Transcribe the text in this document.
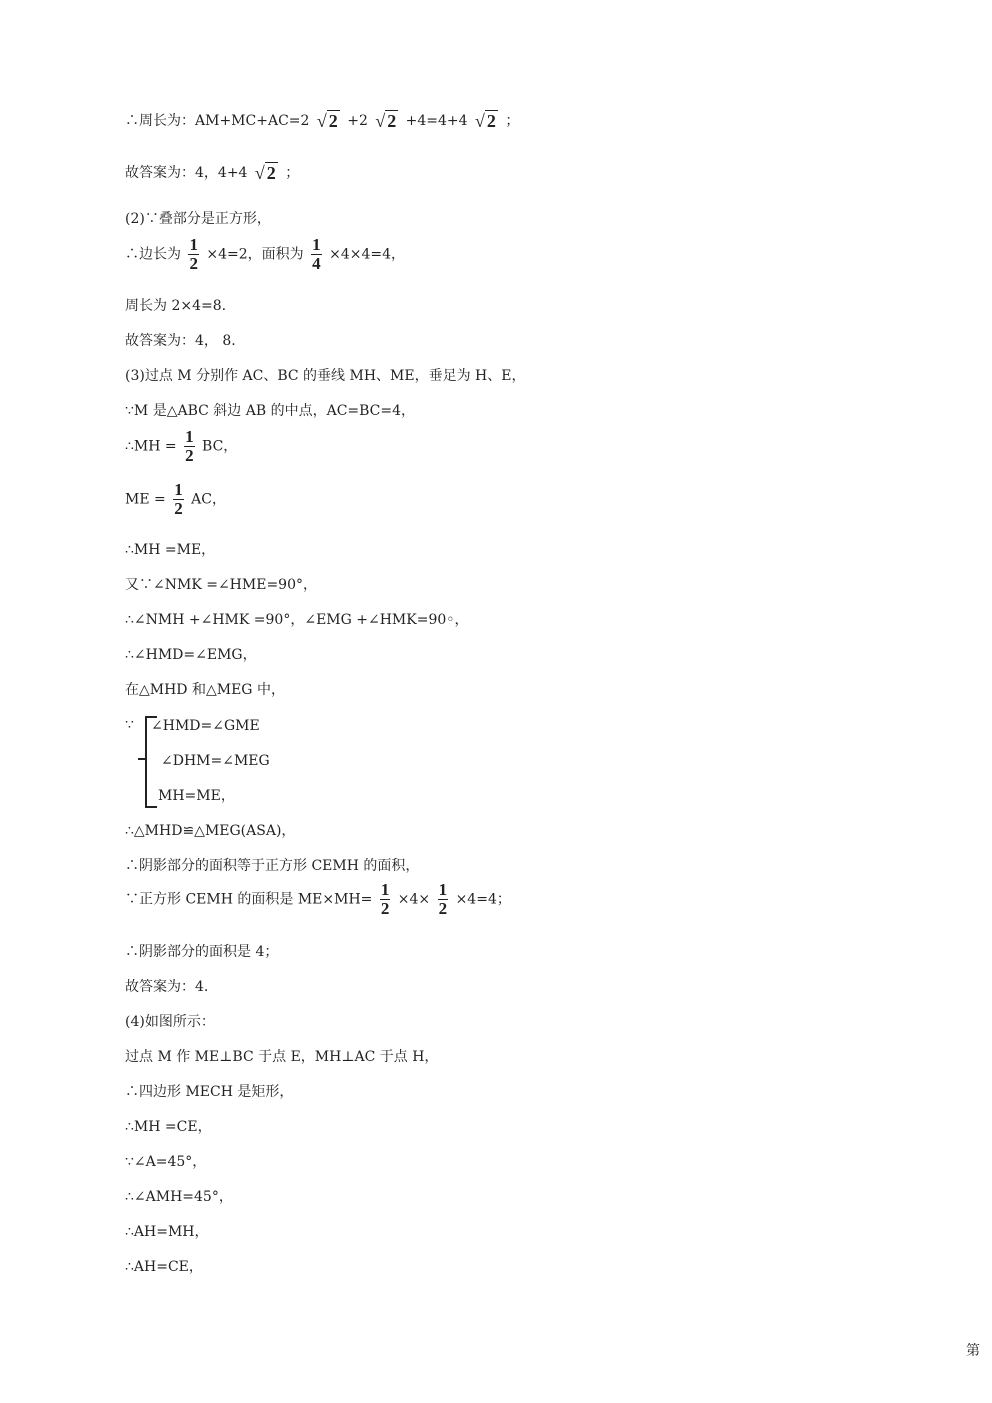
∴周长为：AM+MC+AC=2 √ 2 +2 √ 2 +4=4+4 √ 2 ；
故答案为：4，4+4 √ 2 ；
(2)∵叠部分是正方形，
∴边长为 $\frac{1}{2} \times 4=2$，面积为 $\frac{1}{4} \times 4\times 4=4$，
周长为 2×4=8.
故答案为：4， 8.
(3)过点 M 分别作 AC、BC 的垂线 MH、ME，垂足为 H、E，
∵M 是△ABC 斜边 AB 的中点，AC=BC=4，
∴MH = $\frac{1}{2}$ BC，
ME = $\frac{1}{2}$ AC，
∴MH =ME，
又∵∠NMK =∠HME=90°，
∴∠NMH +∠HMK =90°，∠EMG +∠HMK=90◦，
∴∠HMD=∠EMG，
在△MHD 和△MEG 中，
∵ ∠HMD=∠GME
∠DHM=∠MEG
MH=ME，
∴△MHD≌△MEG(ASA)，
∴阴影部分的面积等于正方形 CEMH 的面积，
∵正方形 CEMH 的面积是 $ME\times MH= \frac{1}{2} \times 4\times \frac{1}{2} \times 4=4$；
∴阴影部分的面积是 4；
故答案为：4.
(4)如图所示：
过点 M 作 ME⊥BC 于点 E，MH⊥AC 于点 H，
∴四边形 MECH 是矩形，
∴MH =CE，
∵∠A=45°，
∴∠AMH=45°，
∴AH=MH，
∴AH=CE，
第
